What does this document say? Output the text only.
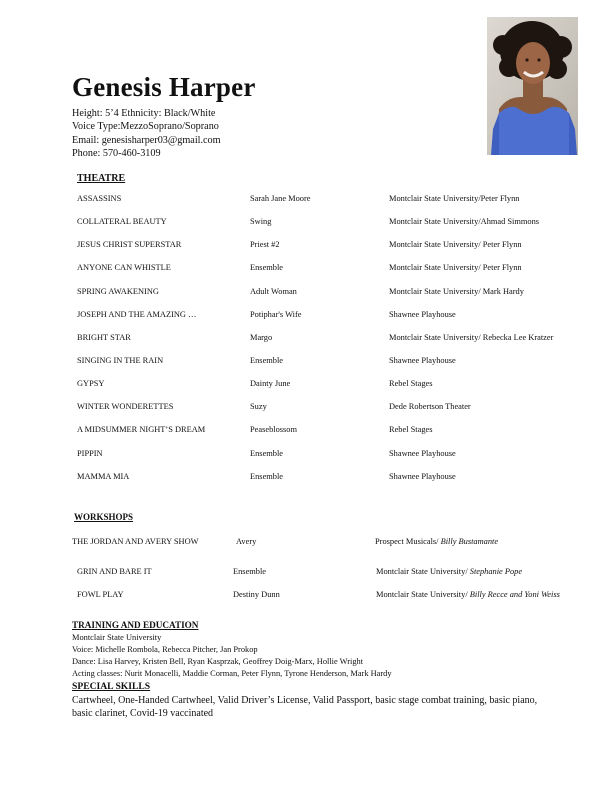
Genesis Harper
Height: 5’4 Ethnicity: Black/White
Voice Type:MezzoSoprano/Soprano
Email: genesisharper03@gmail.com
Phone: 570-460-3109
THEATRE
ASSASSINS	Sarah Jane Moore	Montclair State University/Peter Flynn
COLLATERAL BEAUTY	Swing	Montclair State University/Ahmad Simmons
JESUS CHRIST SUPERSTAR	Priest #2	Montclair State University/ Peter Flynn
ANYONE CAN WHISTLE	Ensemble	Montclair State University/ Peter Flynn
SPRING AWAKENING	Adult Woman	Montclair State University/ Mark Hardy
JOSEPH AND THE AMAZING …	Potiphar's Wife	Shawnee Playhouse
BRIGHT STAR	Margo	Montclair State University/ Rebecka Lee Kratzer
SINGING IN THE RAIN	Ensemble	Shawnee Playhouse
GYPSY	Dainty June	Rebel Stages
WINTER WONDERETTES	Suzy	Dede Robertson Theater
A MIDSUMMER NIGHT’S DREAM	Peaseblossom	Rebel Stages
PIPPIN	Ensemble	Shawnee Playhouse
MAMMA MIA	Ensemble	Shawnee Playhouse
WORKSHOPS
THE JORDAN AND AVERY SHOW	Avery	Prospect Musicals/ Billy Bustamante
GRIN AND BARE IT	Ensemble	Montclair State University/ Stephanie Pope
FOWL PLAY	Destiny Dunn	Montclair State University/ Billy Recce and Yoni Weiss
TRAINING AND EDUCATION
Montclair State University
Voice: Michelle Rombola, Rebecca Pitcher, Jan Prokop
Dance: Lisa Harvey, Kristen Bell, Ryan Kasprzak, Geoffrey Doig-Marx, Hollie Wright
Acting classes: Nurit Monacelli, Maddie Corman, Peter Flynn, Tyrone Henderson, Mark Hardy
SPECIAL SKILLS
Cartwheel, One-Handed Cartwheel, Valid Driver’s License, Valid Passport, basic stage combat training, basic piano, basic clarinet, Covid-19 vaccinated
